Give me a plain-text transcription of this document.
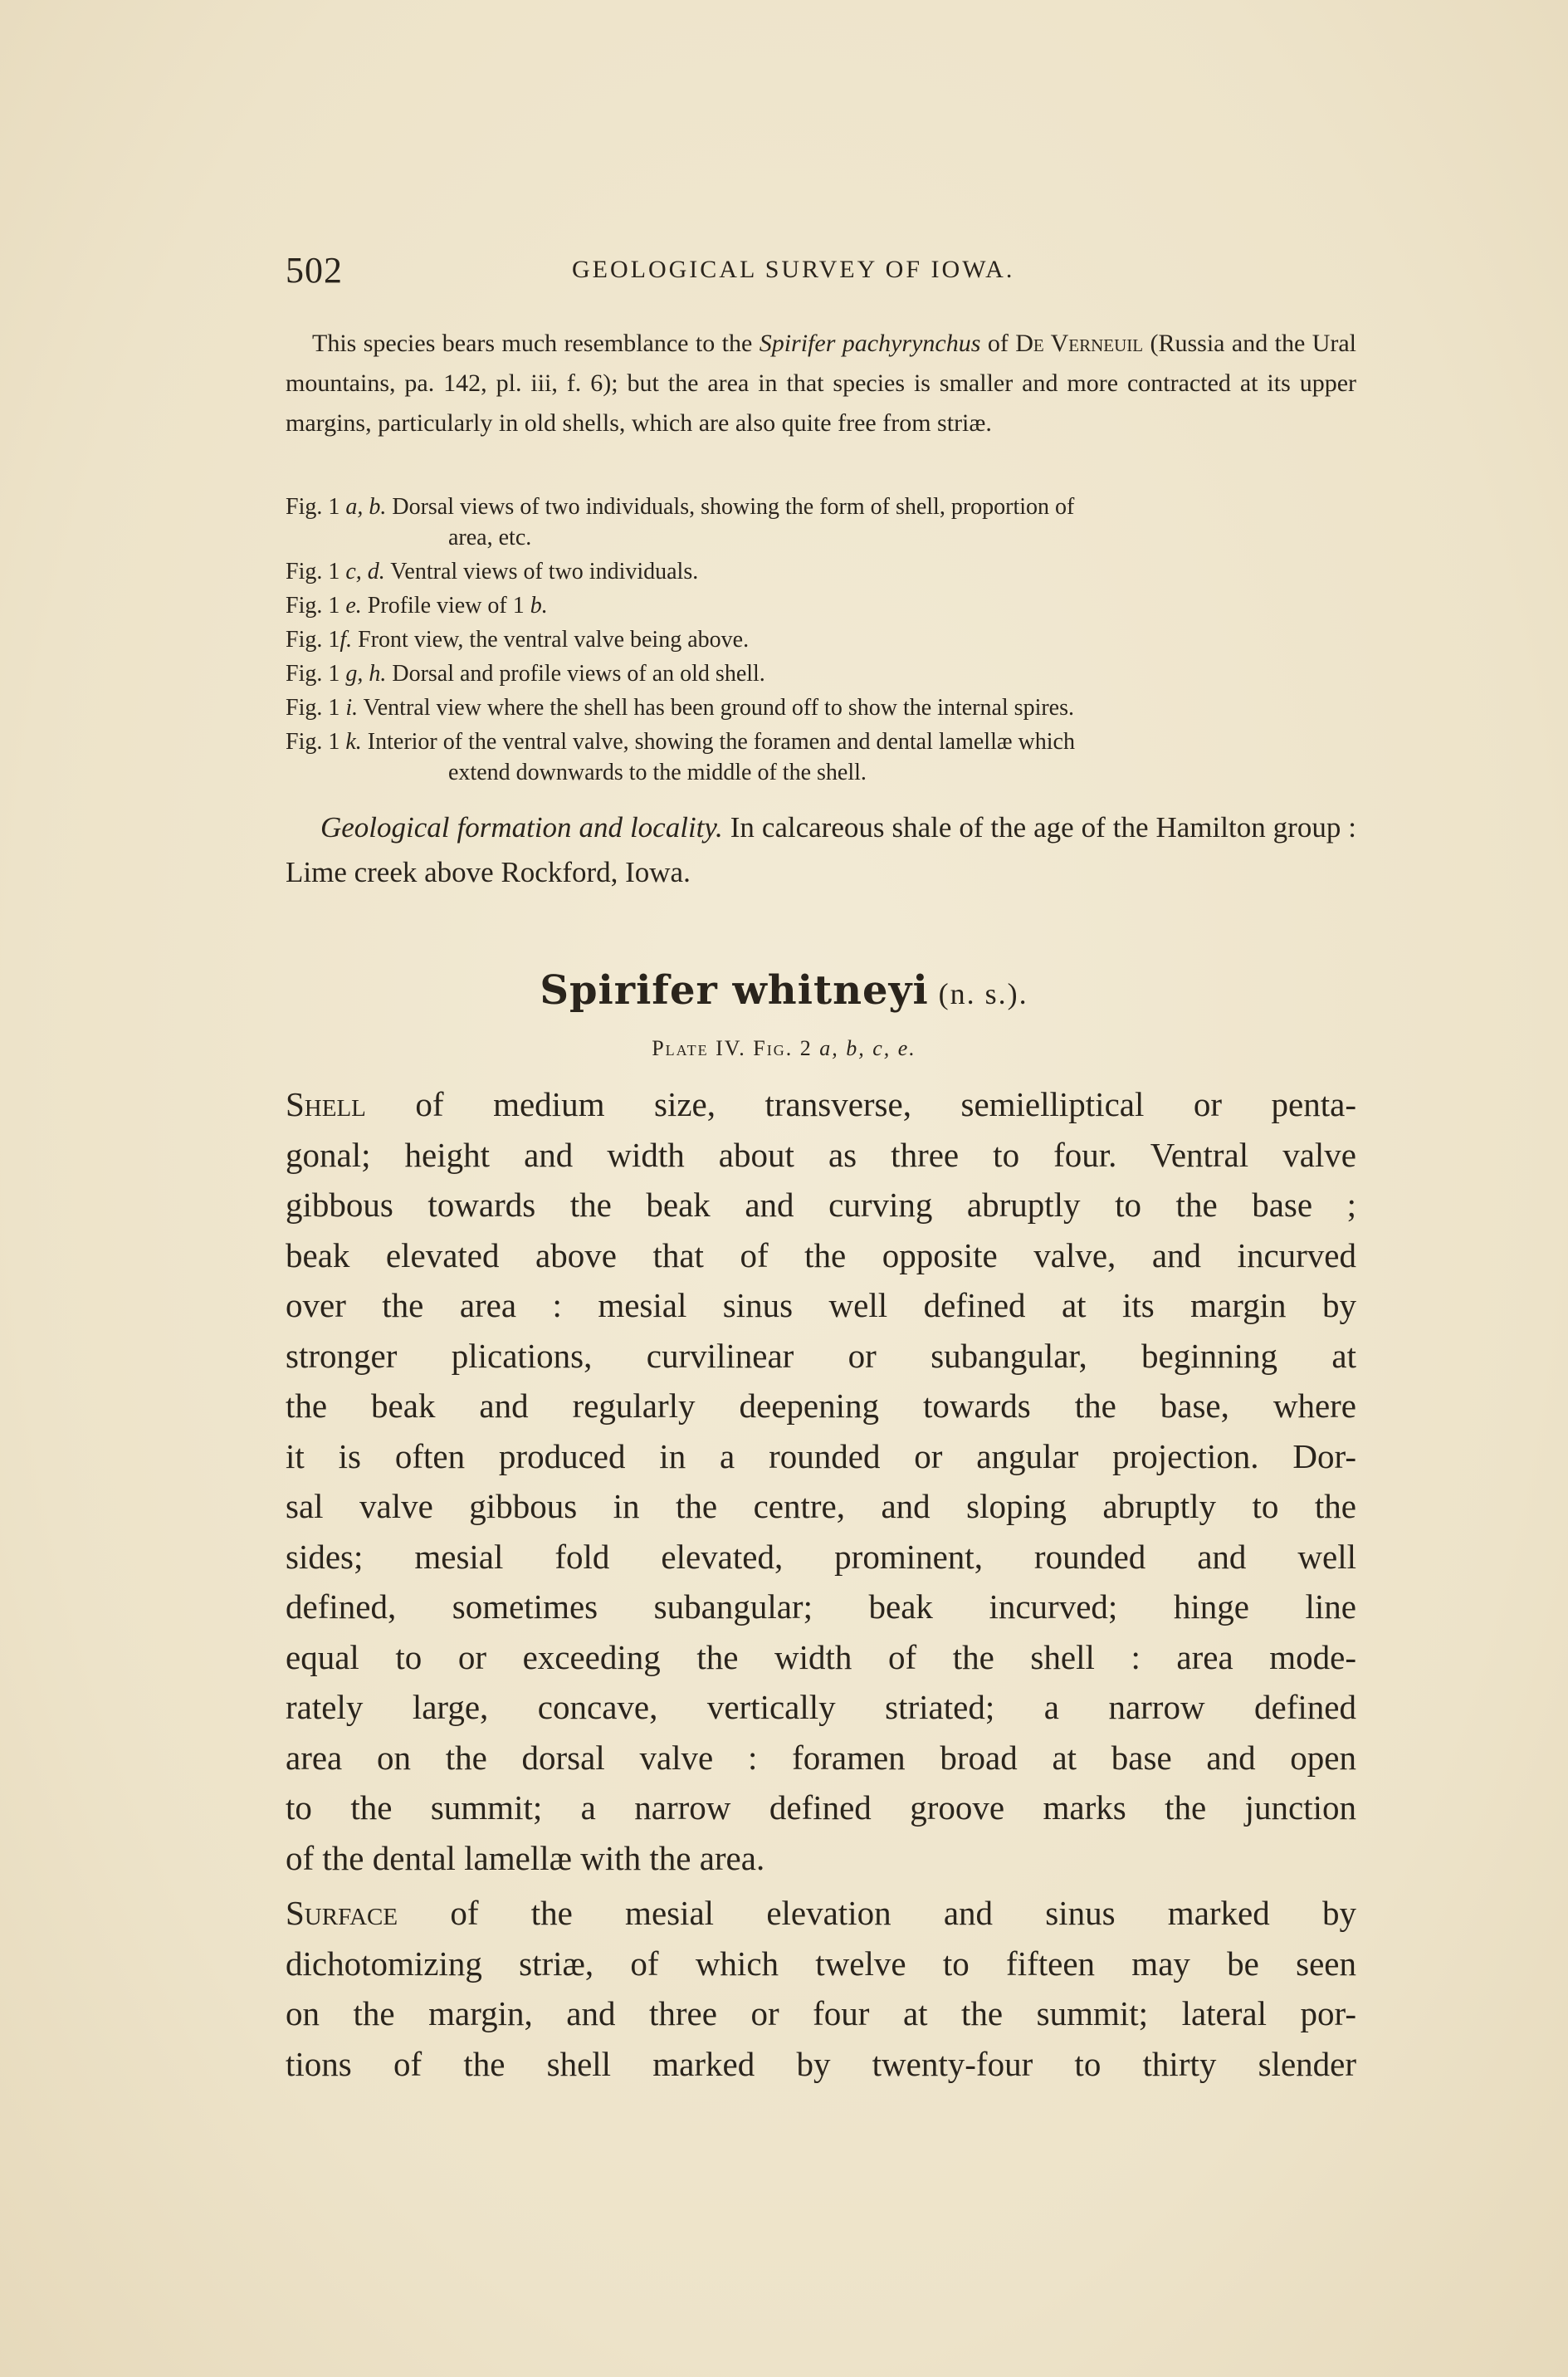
502	GEOLOGICAL SURVEY OF IOWA.

This species bears much resemblance to the Spirifer pachyrynchus of De Verneuil (Russia and the Ural mountains, pa. 142, pl. iii, f. 6); but the area in that species is smaller and more contracted at its upper margins, particularly in old shells, which are also quite free from striæ.

Fig. 1 a, b. Dorsal views of two individuals, showing the form of shell, proportion of
area, etc.
Fig. 1 c, d. Ventral views of two individuals.
Fig. 1 e. Profile view of 1 b.
Fig. 1 f. Front view, the ventral valve being above.
Fig. 1 g, h. Dorsal and profile views of an old shell.
Fig. 1 i. Ventral view where the shell has been ground off to show the internal spires.
Fig. 1 k. Interior of the ventral valve, showing the foramen and dental lamellæ which
extend downwards to the middle of the shell.

Geological formation and locality. In calcareous shale of the age of the Hamilton group : Lime creek above Rockford, Iowa.

Spirifer whitneyi (n. s.).
Plate IV. Fig. 2 a, b, c, e.

Shell of medium size, transverse, semielliptical or penta-
gonal; height and width about as three to four. Ventral valve
gibbous towards the beak and curving abruptly to the base ;
beak elevated above that of the opposite valve, and incurved
over the area : mesial sinus well defined at its margin by
stronger plications, curvilinear or subangular, beginning at
the beak and regularly deepening towards the base, where
it is often produced in a rounded or angular projection. Dor-
sal valve gibbous in the centre, and sloping abruptly to the
sides; mesial fold elevated, prominent, rounded and well
defined, sometimes subangular; beak incurved; hinge line
equal to or exceeding the width of the shell : area mode-
rately large, concave, vertically striated; a narrow defined
area on the dorsal valve : foramen broad at base and open
to the summit; a narrow defined groove marks the junction
of the dental lamellæ with the area.

Surface of the mesial elevation and sinus marked by
dichotomizing striæ, of which twelve to fifteen may be seen
on the margin, and three or four at the summit; lateral por-
tions of the shell marked by twenty-four to thirty slender
